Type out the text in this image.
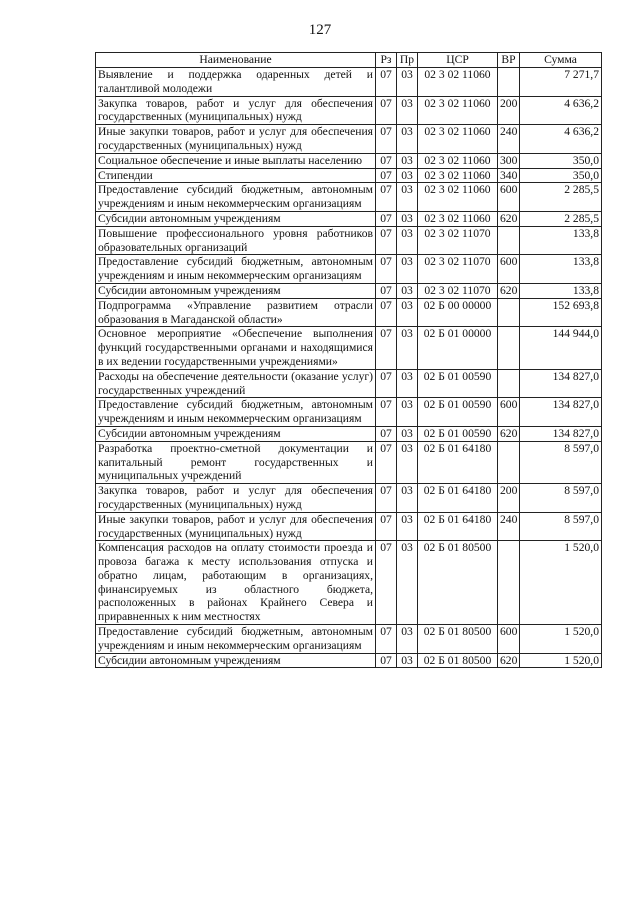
127
Наименование	Рз	Пр	ЦСР	ВР	Сумма
Выявление и поддержка одаренных детей и талантливой молодежи	07	03	02 3 02 11060		7 271,7
Закупка товаров, работ и услуг для обеспечения государственных (муниципальных) нужд	07	03	02 3 02 11060	200	4 636,2
Иные закупки товаров, работ и услуг для обеспечения государственных (муниципальных) нужд	07	03	02 3 02 11060	240	4 636,2
Социальное обеспечение и иные выплаты населению	07	03	02 3 02 11060	300	350,0
Стипендии	07	03	02 3 02 11060	340	350,0
Предоставление субсидий бюджетным, автономным учреждениям и иным некоммерческим организациям	07	03	02 3 02 11060	600	2 285,5
Субсидии автономным учреждениям	07	03	02 3 02 11060	620	2 285,5
Повышение профессионального уровня работников образовательных организаций	07	03	02 3 02 11070		133,8
Предоставление субсидий бюджетным, автономным учреждениям и иным некоммерческим организациям	07	03	02 3 02 11070	600	133,8
Субсидии автономным учреждениям	07	03	02 3 02 11070	620	133,8
Подпрограмма «Управление развитием отрасли образования в Магаданской области»	07	03	02 Б 00 00000		152 693,8
Основное мероприятие «Обеспечение выполнения функций государственными органами и находящимися в их ведении государственными учреждениями»	07	03	02 Б 01 00000		144 944,0
Расходы на обеспечение деятельности (оказание услуг) государственных учреждений	07	03	02 Б 01 00590		134 827,0
Предоставление субсидий бюджетным, автономным учреждениям и иным некоммерческим организациям	07	03	02 Б 01 00590	600	134 827,0
Субсидии автономным учреждениям	07	03	02 Б 01 00590	620	134 827,0
Разработка проектно-сметной документации и капитальный ремонт государственных и муниципальных учреждений	07	03	02 Б 01 64180		8 597,0
Закупка товаров, работ и услуг для обеспечения государственных (муниципальных) нужд	07	03	02 Б 01 64180	200	8 597,0
Иные закупки товаров, работ и услуг для обеспечения государственных (муниципальных) нужд	07	03	02 Б 01 64180	240	8 597,0
Компенсация расходов на оплату стоимости проезда и провоза багажа к месту использования отпуска и обратно лицам, работающим в организациях, финансируемых из областного бюджета, расположенных в районах Крайнего Севера и приравненных к ним местностях	07	03	02 Б 01 80500		1 520,0
Предоставление субсидий бюджетным, автономным учреждениям и иным некоммерческим организациям	07	03	02 Б 01 80500	600	1 520,0
Субсидии автономным учреждениям	07	03	02 Б 01 80500	620	1 520,0
